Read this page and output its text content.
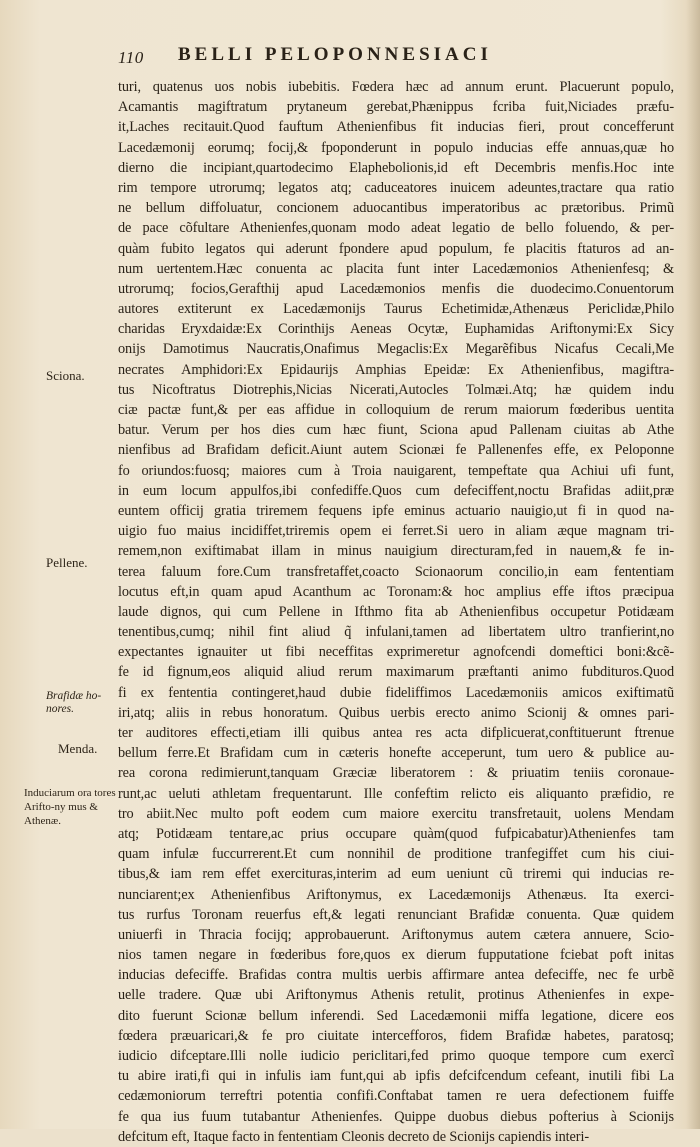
110 BELLI PELOPONNESIACI
Sciona.
Pellene.
Brafidæ ho-nores.
Menda.
Induciarum ora tores Arifto-ny mus & Athenæ.
turi, quatenus uos nobis iubebitis. Fœdera hæc ad annum erunt. Placuerunt populo,
Acamantis magiftratum prytaneum gerebat,Phænippus fcriba fuit,Niciades præfu-
it,Laches recitauit.Quod fauftum Athenienfibus fit inducias fieri, prout concefferunt
Lacedæmonij eorumq; focij,& fpoponderunt in populo inducias effe annuas,quæ ho
dierno die incipiant,quartodecimo Elaphebolionis,id eft Decembris menfis.Hoc inte
rim tempore utrorumq; legatos atq; caduceatores inuicem adeuntes,tractare qua ratio
ne bellum diffoluatur, concionem aduocantibus imperatoribus ac prætoribus. Primũ
de pace cõfultare Athenienfes,quonam modo adeat legatio de bello foluendo, & per-
quàm fubito legatos qui aderunt fpondere apud populum, fe placitis ftaturos ad an-
num uertentem.Hæc conuenta ac placita funt inter Lacedæmonios Athenienfesq; &
utrorumq; focios,Gerafthij apud Lacedæmonios menfis die duodecimo.Conuentorum
autores extiterunt ex Lacedæmonijs Taurus Echetimidæ,Athenæus Periclidæ,Philo
charidas Eryxdaidæ:Ex Corinthijs Aeneas Ocytæ, Euphamidas Ariftonymi:Ex Sicy
onijs Damotimus Naucratis,Onafimus Megaclis:Ex Megarẽfibus Nicafus Cecali,Me
necrates Amphidori:Ex Epidaurijs Amphias Epeidæ: Ex Athenienfibus, magiftra-
tus Nicoftratus Diotrephis,Nicias Nicerati,Autocles Tolmæi.Atq; hæ quidem indu
ciæ pactæ funt,& per eas affidue in colloquium de rerum maiorum fœderibus uentita
batur. Verum per hos dies cum hæc fiunt, Sciona apud Pallenam ciuitas ab Athe
nienfibus ad Brafidam deficit.Aiunt autem Scionæi fe Pallenenfes effe, ex Peloponne
fo oriundos:fuosq; maiores cum à Troia nauigarent, tempeftate qua Achiui ufi funt,
in eum locum appulfos,ibi confediffe.Quos cum defeciffent,noctu Brafidas adiit,præ
euntem officij gratia triremem fequens ipfe eminus actuario nauigio,ut fi in quod na-
uigio fuo maius incidiffet,triremis opem ei ferret.Si uero in aliam æque magnam tri-
remem,non exiftimabat illam in minus nauigium directuram,fed in nauem,& fe in-
terea faluum fore.Cum transfretaffet,coacto Scionaorum concilio,in eam fententiam
locutus eft,in quam apud Acanthum ac Toronam:& hoc amplius effe iftos præcipua
laude dignos, qui cum Pellene in Ifthmo fita ab Athenienfibus occupetur Potidæam
tenentibus,cumq; nihil fint aliud q̃ infulani,tamen ad libertatem ultro tranfierint,no
expectantes ignauiter ut fibi neceffitas exprimeretur agnofcendi domeftici boni:&cẽ-
fe id fignum,eos aliquid aliud rerum maximarum præftanti animo fubdituros.Quod
fi ex fententia contingeret,haud dubie fideliffimos Lacedæmoniis amicos exiftimatũ
iri,atq; aliis in rebus honoratum. Quibus uerbis erecto animo Scionij & omnes pari-
ter auditores effecti,etiam illi quibus antea res acta difplicuerat,conftituerunt ftrenue
bellum ferre.Et Brafidam cum in cæteris honefte acceperunt, tum uero & publice au-
rea corona redimierunt,tanquam Græciæ liberatorem : & priuatim teniis coronaue-
runt,ac ueluti athletam frequentarunt. Ille confeftim relicto eis aliquanto præfidio, re
tro abiit.Nec multo poft eodem cum maiore exercitu transfretauit, uolens Mendam
atq; Potidæam tentare,ac prius occupare quàm(quod fufpicabatur)Athenienfes tam
quam infulæ fuccurrerent.Et cum nonnihil de proditione tranfegiffet cum his ciui-
tibus,& iam rem effet exercituras,interim ad eum ueniunt cũ triremi qui inducias re-
nunciarent;ex Athenienfibus Ariftonymus, ex Lacedæmonijs Athenæus. Ita exerci-
tus rurfus Toronam reuerfus eft,& legati renunciant Brafidæ conuenta. Quæ quidem
uniuerfi in Thracia focijq; approbauerunt. Ariftonymus autem cætera annuere, Scio-
nios tamen negare in fœderibus fore,quos ex dierum fupputatione fciebat poft initas
inducias defeciffe. Brafidas contra multis uerbis affirmare antea defeciffe, nec fe urbẽ
uelle tradere. Quæ ubi Ariftonymus Athenis retulit, protinus Athenienfes in expe-
dito fuerunt Scionæ bellum inferendi. Sed Lacedæmonii miffa legatione, dicere eos
fœdera præuaricari,& fe pro ciuitate intercefforos, fidem Brafidæ habetes, paratosq;
iudicio difceptare.Illi nolle iudicio periclitari,fed primo quoque tempore cum exercĩ
tu abire irati,fi qui in infulis iam funt,qui ab ipfis defcifcendum cefeant, inutili fibi La
cedæmoniorum terreftri potentia confifi.Conftabat tamen re uera defectionem fuiffe
fe qua ius fuum tutabantur Athenienfes. Quippe duobus diebus pofterius à Scionijs
defcitum eft, Itaque facto in fententiam Cleonis decreto de Scionijs capiendis interi-
